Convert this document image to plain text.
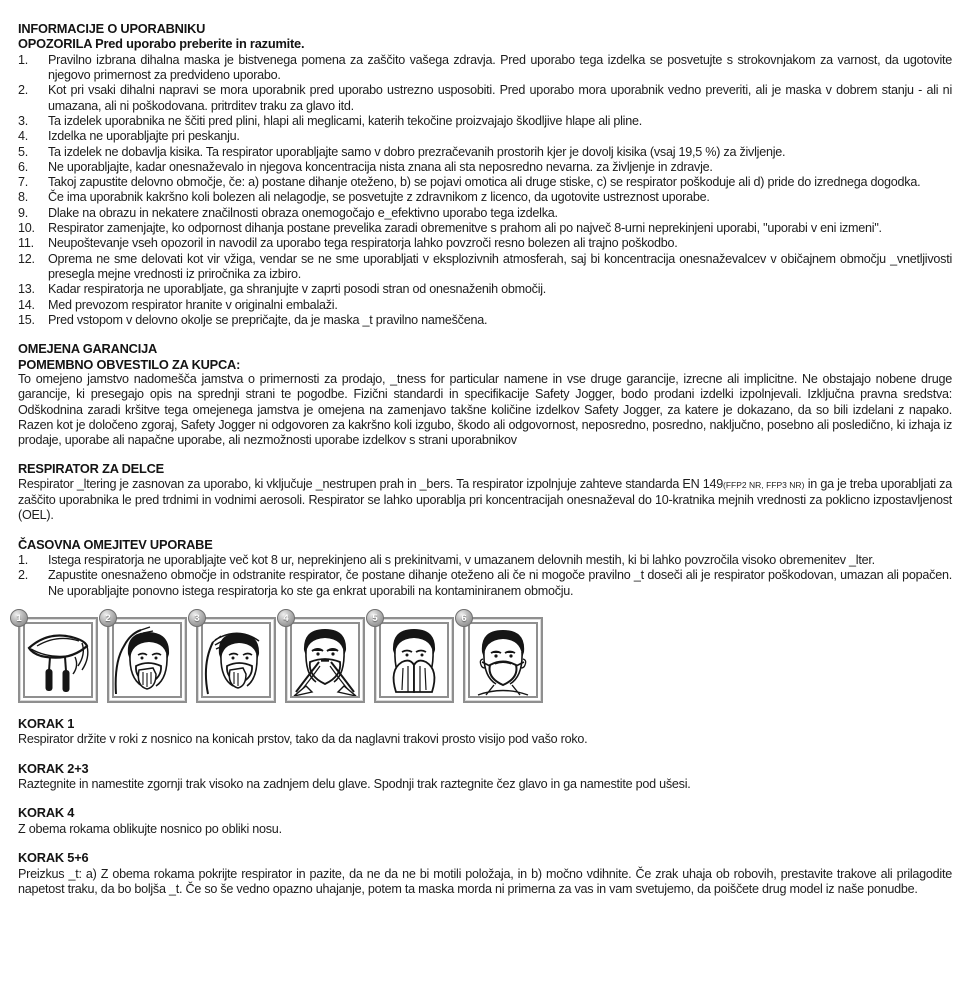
INFORMACIJE O UPORABNIKU
OPOZORILA Pred uporabo preberite in razumite.
1.	Pravilno izbrana dihalna maska je bistvenega pomena za zaščito vašega zdravja. Pred uporabo tega izdelka se posvetujte s strokovnjakom za varnost, da ugotovite njegovo primernost za predvideno uporabo.
2.	Kot pri vsaki dihalni napravi se mora uporabnik pred uporabo ustrezno usposobiti. Pred uporabo mora uporabnik vedno preveriti, ali je maska v dobrem stanju - ali ni umazana, ali ni poškodovana. pritrditev traku za glavo itd.
3.	Ta izdelek uporabnika ne ščiti pred plini, hlapi ali meglicami, katerih tekočine proizvajajo škodljive hlape ali pline.
4.	Izdelka ne uporabljajte pri peskanju.
5.	Ta izdelek ne dobavlja kisika. Ta respirator uporabljajte samo v dobro prezračevanih prostorih kjer je dovolj kisika (vsaj 19,5 %) za življenje.
6.	Ne uporabljajte, kadar onesnaževalo in njegova koncentracija nista znana ali sta neposredno nevarna. za življenje in zdravje.
7.	Takoj zapustite delovno območje, če: a) postane dihanje oteženo, b) se pojavi omotica ali druge stiske, c) se respirator poškoduje ali d) pride do izrednega dogodka.
8.	Če ima uporabnik kakršno koli bolezen ali nelagodje, se posvetujte z zdravnikom z licenco, da ugotovite ustreznost uporabe.
9.	Dlake na obrazu in nekatere značilnosti obraza onemogočajo e_efektivno uporabo tega izdelka.
10.	Respirator zamenjajte, ko odpornost dihanja postane prevelika zaradi obremenitve s prahom ali po največ 8-urni neprekinjeni uporabi, "uporabi v eni izmeni".
11.	Neupoštevanje vseh opozoril in navodil za uporabo tega respiratorja lahko povzroči resno bolezen ali trajno poškodbo.
12.	Oprema ne sme delovati kot vir vžiga, vendar se ne sme uporabljati v eksplozivnih atmosferah, saj bi koncentracija onesnaževalcev v običajnem območju _vnetljivosti presegla mejne vrednosti iz priročnika za izbiro.
13.	Kadar respiratorja ne uporabljate, ga shranjujte v zaprti posodi stran od onesnaženih območij.
14.	Med prevozom respirator hranite v originalni embalaži.
15.	Pred vstopom v delovno okolje se prepričajte, da je maska _t pravilno nameščena.
OMEJENA GARANCIJA
POMEMBNO OBVESTILO ZA KUPCA:
To omejeno jamstvo nadomešča jamstva o primernosti za prodajo, _tness for particular namene in vse druge garancije, izrecne ali implicitne. Ne obstajajo nobene druge garancije, ki presegajo opis na sprednji strani te pogodbe. Fizični standardi in specifikacije Safety Jogger, bodo prodani izdelki izpolnjevali. Izključna pravna sredstva: Odškodnina zaradi kršitve tega omejenega jamstva je omejena na zamenjavo takšne količine izdelkov Safety Jogger, za katere je dokazano, da so bili izdelani z napako. Razen kot je določeno zgoraj, Safety Jogger ni odgovoren za kakršno koli izgubo, škodo ali odgovornost, neposredno, posredno, naključno, posebno ali posledično, ki izhaja iz prodaje, uporabe ali napačne uporabe, ali nezmožnosti uporabe izdelkov s strani uporabnikov
RESPIRATOR ZA DELCE
Respirator _ltering je zasnovan za uporabo, ki vključuje _nestrupen prah in _bers. Ta respirator izpolnjuje zahteve standarda EN 149(FFP2 NR, FFP3 NR) in ga je treba uporabljati za zaščito uporabnika le pred trdnimi in vodnimi aerosoli. Respirator se lahko uporablja pri koncentracijah onesnaževal do 10-kratnika mejnih vrednosti za poklicno izpostavljenost (OEL).
ČASOVNA OMEJITEV UPORABE
1.	Istega respiratorja ne uporabljajte več kot 8 ur, neprekinjeno ali s prekinitvami, v umazanem delovnih mestih, ki bi lahko povzročila visoko obremenitev _lter.
2.	Zapustite onesnaženo območje in odstranite respirator, če postane dihanje oteženo ali če ni mogoče pravilno _t doseči ali je respirator poškodovan, umazan ali popačen. Ne uporabljajte ponovno istega respiratorja ko ste ga enkrat uporabili na kontaminiranem območju.
1	2	3	4	5	6
KORAK 1
Respirator držite v roki z nosnico na konicah prstov, tako da da naglavni trakovi prosto visijo pod vašo roko.
KORAK 2+3
Raztegnite in namestite zgornji trak visoko na zadnjem delu glave. Spodnji trak raztegnite čez glavo in ga namestite pod ušesi.
KORAK 4
Z obema rokama oblikujte nosnico po obliki nosu.
KORAK 5+6
Preizkus _t: a) Z obema rokama pokrijte respirator in pazite, da ne da ne bi motili položaja, in b) močno vdihnite. Če zrak uhaja ob robovih, prestavite trakove ali prilagodite napetost traku, da bo boljša _t. Če so še vedno opazno uhajanje, potem ta maska morda ni primerna za vas in vam svetujemo, da poiščete drug model iz naše ponudbe.
